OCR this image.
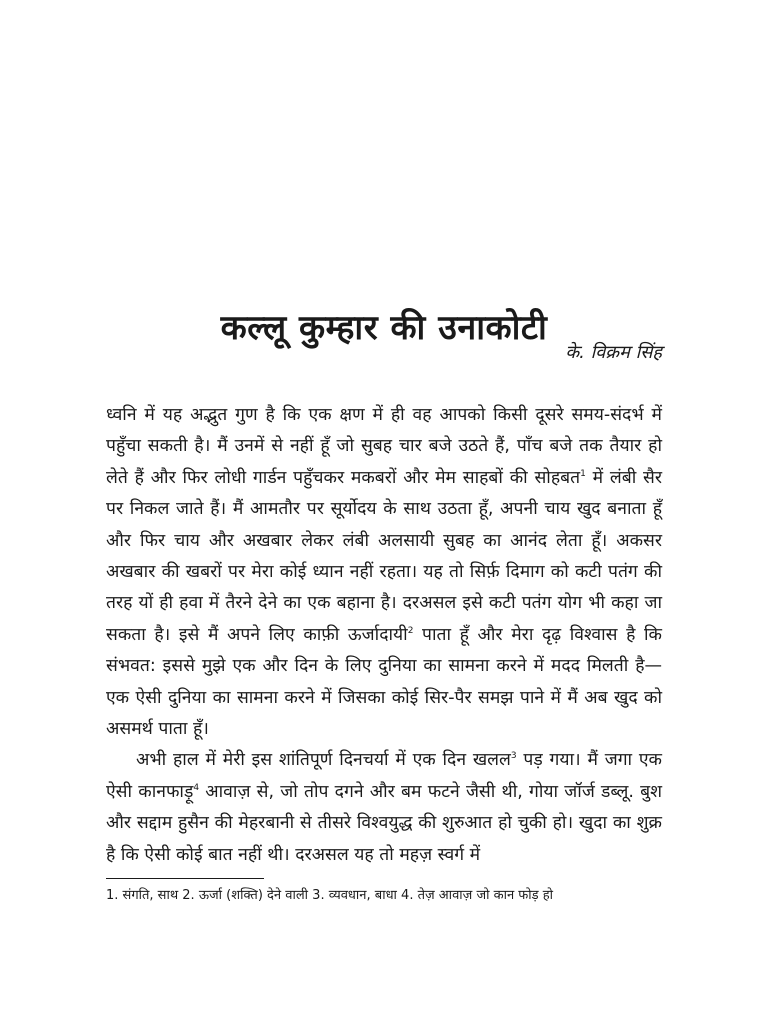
कल्लू कुम्हार की उनाकोटी
के. विक्रम सिंह

ध्वनि में यह अद्भुत गुण है कि एक क्षण में ही वह आपको किसी दूसरे समय-संदर्भ में पहुँचा सकती है। मैं उनमें से नहीं हूँ जो सुबह चार बजे उठते हैं, पाँच बजे तक तैयार हो लेते हैं और फिर लोधी गार्डन पहुँचकर मकबरों और मेम साहबों की सोहबत$^1$ में लंबी सैर पर निकल जाते हैं। मैं आमतौर पर सूर्योदय के साथ उठता हूँ, अपनी चाय खुद बनाता हूँ और फिर चाय और अखबार लेकर लंबी अलसायी सुबह का आनंद लेता हूँ। अकसर अखबार की खबरों पर मेरा कोई ध्यान नहीं रहता। यह तो सिर्फ़ दिमाग को कटी पतंग की तरह यों ही हवा में तैरने देने का एक बहाना है। दरअसल इसे कटी पतंग योग भी कहा जा सकता है। इसे मैं अपने लिए काफ़ी ऊर्जादायी$^2$ पाता हूँ और मेरा दृढ़ विश्वास है कि संभवत: इससे मुझे एक और दिन के लिए दुनिया का सामना करने में मदद मिलती है—एक ऐसी दुनिया का सामना करने में जिसका कोई सिर-पैर समझ पाने में मैं अब खुद को असमर्थ पाता हूँ।

अभी हाल में मेरी इस शांतिपूर्ण दिनचर्या में एक दिन खलल$^3$ पड़ गया। मैं जगा एक ऐसी कानफाड़ू$^4$ आवाज़ से, जो तोप दगने और बम फटने जैसी थी, गोया जॉर्ज डब्लू. बुश और सद्दाम हुसैन की मेहरबानी से तीसरे विश्वयुद्ध की शुरुआत हो चुकी हो। खुदा का शुक्र है कि ऐसी कोई बात नहीं थी। दरअसल यह तो महज़ स्वर्ग में

1. संगति, साथ 2. ऊर्जा (शक्ति) देने वाली 3. व्यवधान, बाधा 4. तेज़ आवाज़ जो कान फोड़ हो
